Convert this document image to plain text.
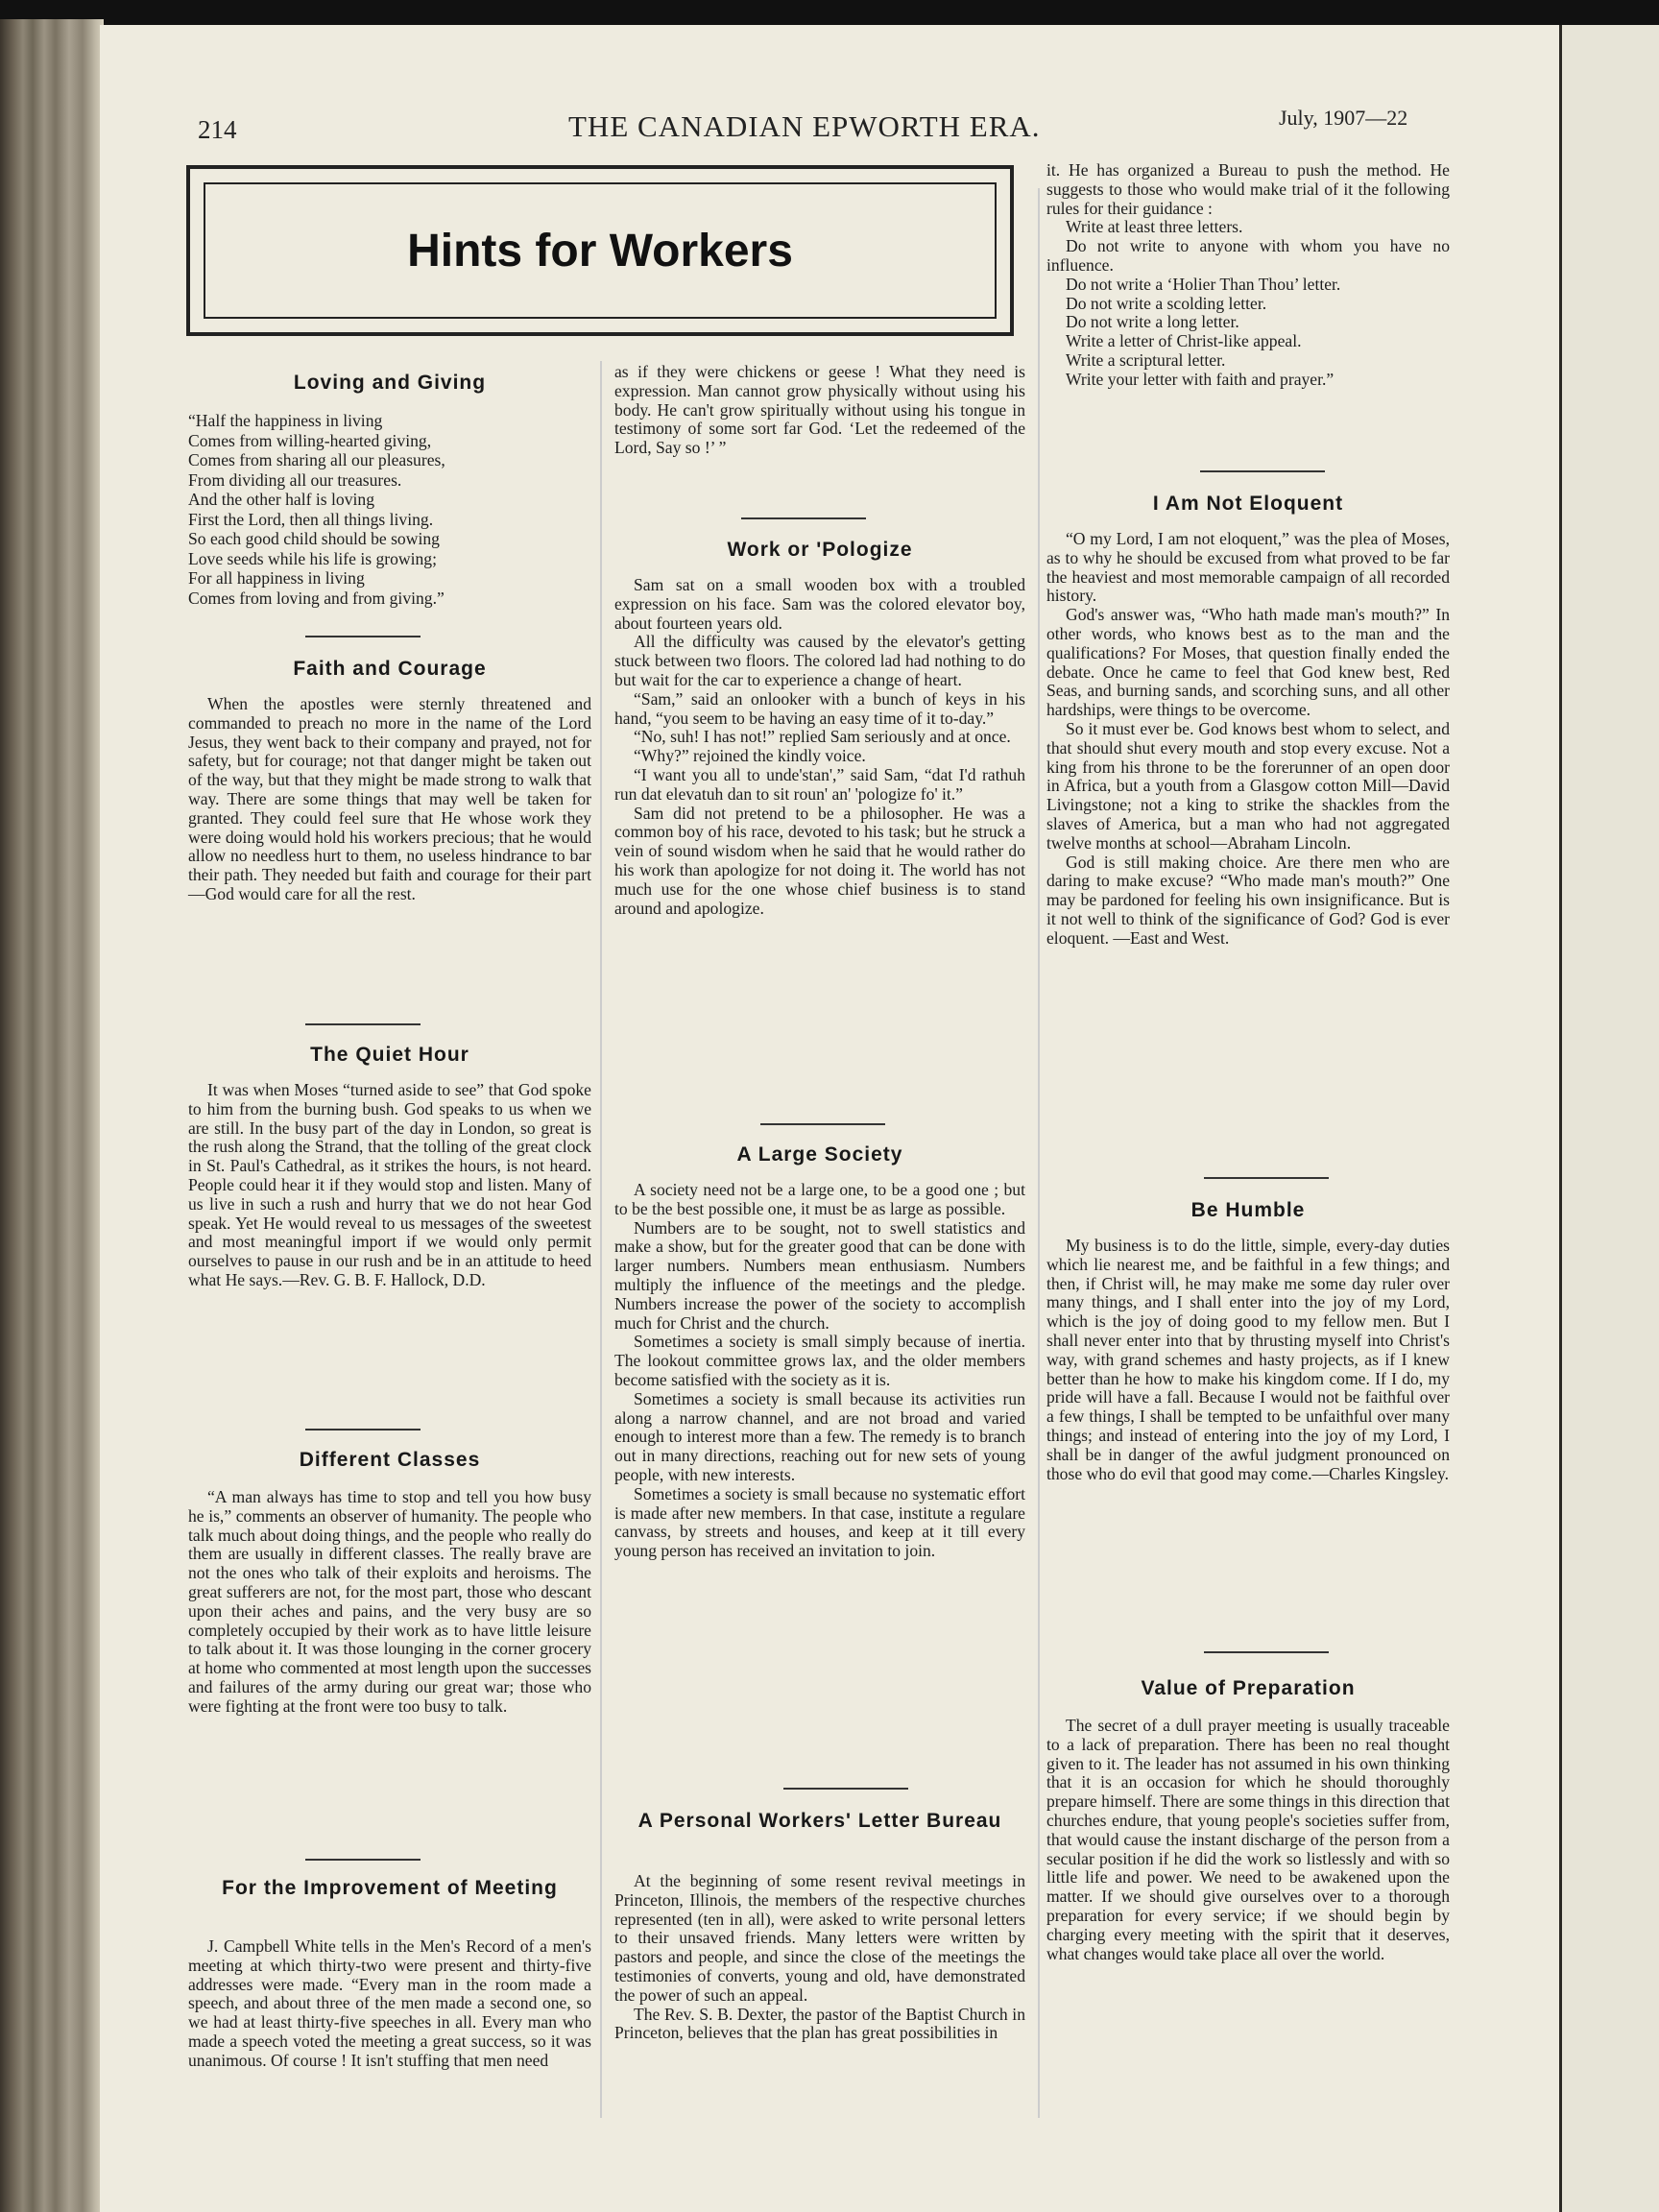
214	THE CANADIAN EPWORTH ERA.	July, 1907—22
Hints for Workers
Loving and Giving

“Half the happiness in living

Comes from willing-hearted giving,

Comes from sharing all our pleasures,

From dividing all our treasures.

And the other half is loving

First the Lord, then all things living.

So each good child should be sowing

Love seeds while his life is growing;

For all happiness in living

Comes from loving and from giving.”

Faith and Courage

When the apostles were sternly threatened and commanded to preach no more in the name of the Lord Jesus, they went back to their company and prayed, not for safety, but for courage; not that danger might be taken out of the way, but that they might be made strong to walk that way. There are some things that may well be taken for granted. They could feel sure that He whose work they were doing would hold his workers precious; that he would allow no needless hurt to them, no useless hindrance to bar their path. They needed but faith and courage for their part—God would care for all the rest.

The Quiet Hour

It was when Moses “turned aside to see” that God spoke to him from the burning bush. God speaks to us when we are still. In the busy part of the day in London, so great is the rush along the Strand, that the tolling of the great clock in St. Paul's Cathedral, as it strikes the hours, is not heard. People could hear it if they would stop and listen. Many of us live in such a rush and hurry that we do not hear God speak. Yet He would reveal to us messages of the sweetest and most meaningful import if we would only permit ourselves to pause in our rush and be in an attitude to heed what He says.—Rev. G. B. F. Hallock, D.D.

Different Classes

“A man always has time to stop and tell you how busy he is,” comments an observer of humanity. The people who talk much about doing things, and the people who really do them are usually in different classes. The really brave are not the ones who talk of their exploits and heroisms. The great sufferers are not, for the most part, those who descant upon their aches and pains, and the very busy are so completely occupied by their work as to have little leisure to talk about it. It was those lounging in the corner grocery at home who commented at most length upon the successes and failures of the army during our great war; those who were fighting at the front were too busy to talk.

For the Improvement of Meeting

J. Campbell White tells in the Men's Record of a men's meeting at which thirty-two were present and thirty-five addresses were made. “Every man in the room made a speech, and about three of the men made a second one, so we had at least thirty-five speeches in all. Every man who made a speech voted the meeting a great success, so it was unanimous. Of course ! It isn't stuffing that men need

as if they were chickens or geese ! What they need is expression. Man cannot grow physically without using his body. He can't grow spiritually without using his tongue in testimony of some sort far God. ‘Let the redeemed of the Lord, Say so !’ ”

Work or 'Pologize

Sam sat on a small wooden box with a troubled expression on his face. Sam was the colored elevator boy, about fourteen years old.

All the difficulty was caused by the elevator's getting stuck between two floors. The colored lad had nothing to do but wait for the car to experience a change of heart.

“Sam,” said an onlooker with a bunch of keys in his hand, “you seem to be having an easy time of it to-day.”

“No, suh! I has not!” replied Sam seriously and at once.

“Why?” rejoined the kindly voice.

“I want you all to unde'stan',” said Sam, “dat I'd rathuh run dat elevatuh dan to sit roun' an' 'pologize fo' it.”

Sam did not pretend to be a philosopher. He was a common boy of his race, devoted to his task; but he struck a vein of sound wisdom when he said that he would rather do his work than apologize for not doing it. The world has not much use for the one whose chief business is to stand around and apologize.

A Large Society

A society need not be a large one, to be a good one ; but to be the best possible one, it must be as large as possible.

Numbers are to be sought, not to swell statistics and make a show, but for the greater good that can be done with larger numbers. Numbers mean enthusiasm. Numbers multiply the influence of the meetings and the pledge. Numbers increase the power of the society to accomplish much for Christ and the church.

Sometimes a society is small simply because of inertia. The lookout committee grows lax, and the older members become satisfied with the society as it is.

Sometimes a society is small because its activities run along a narrow channel, and are not broad and varied enough to interest more than a few. The remedy is to branch out in many directions, reaching out for new sets of young people, with new interests.

Sometimes a society is small because no systematic effort is made after new members. In that case, institute a regulare canvass, by streets and houses, and keep at it till every young person has received an invitation to join.

A Personal Workers' Letter Bureau

At the beginning of some resent revival meetings in Princeton, Illinois, the members of the respective churches represented (ten in all), were asked to write personal letters to their unsaved friends. Many letters were written by pastors and people, and since the close of the meetings the testimonies of converts, young and old, have demonstrated the power of such an appeal.

The Rev. S. B. Dexter, the pastor of the Baptist Church in Princeton, believes that the plan has great possibilities in

it. He has organized a Bureau to push the method. He suggests to those who would make trial of it the following rules for their guidance :

Write at least three letters.

Do not write to anyone with whom you have no influence.

Do not write a ‘Holier Than Thou’ letter.

Do not write a scolding letter.

Do not write a long letter.

Write a letter of Christ-like appeal.

Write a scriptural letter.

Write your letter with faith and prayer.”

I Am Not Eloquent

“O my Lord, I am not eloquent,” was the plea of Moses, as to why he should be excused from what proved to be far the heaviest and most memorable campaign of all recorded history.

God's answer was, “Who hath made man's mouth?” In other words, who knows best as to the man and the qualifications? For Moses, that question finally ended the debate. Once he came to feel that God knew best, Red Seas, and burning sands, and scorching suns, and all other hardships, were things to be overcome.

So it must ever be. God knows best whom to select, and that should shut every mouth and stop every excuse. Not a king from his throne to be the forerunner of an open door in Africa, but a youth from a Glasgow cotton Mill—David Livingstone; not a king to strike the shackles from the slaves of America, but a man who had not aggregated twelve months at school—Abraham Lincoln.

God is still making choice. Are there men who are daring to make excuse? “Who made man's mouth?” One may be pardoned for feeling his own insignificance. But is it not well to think of the significance of God? God is ever eloquent. —East and West.

Be Humble

My business is to do the little, simple, every-day duties which lie nearest me, and be faithful in a few things; and then, if Christ will, he may make me some day ruler over many things, and I shall enter into the joy of my Lord, which is the joy of doing good to my fellow men. But I shall never enter into that by thrusting myself into Christ's way, with grand schemes and hasty projects, as if I knew better than he how to make his kingdom come. If I do, my pride will have a fall. Because I would not be faithful over a few things, I shall be tempted to be unfaithful over many things; and instead of entering into the joy of my Lord, I shall be in danger of the awful judgment pronounced on those who do evil that good may come.—Charles Kingsley.

Value of Preparation

The secret of a dull prayer meeting is usually traceable to a lack of preparation. There has been no real thought given to it. The leader has not assumed in his own thinking that it is an occasion for which he should thoroughly prepare himself. There are some things in this direction that churches endure, that young people's societies suffer from, that would cause the instant discharge of the person from a secular position if he did the work so listlessly and with so little life and power. We need to be awakened upon the matter. If we should give ourselves over to a thorough preparation for every service; if we should begin by charging every meeting with the spirit that it deserves, what changes would take place all over the world.
